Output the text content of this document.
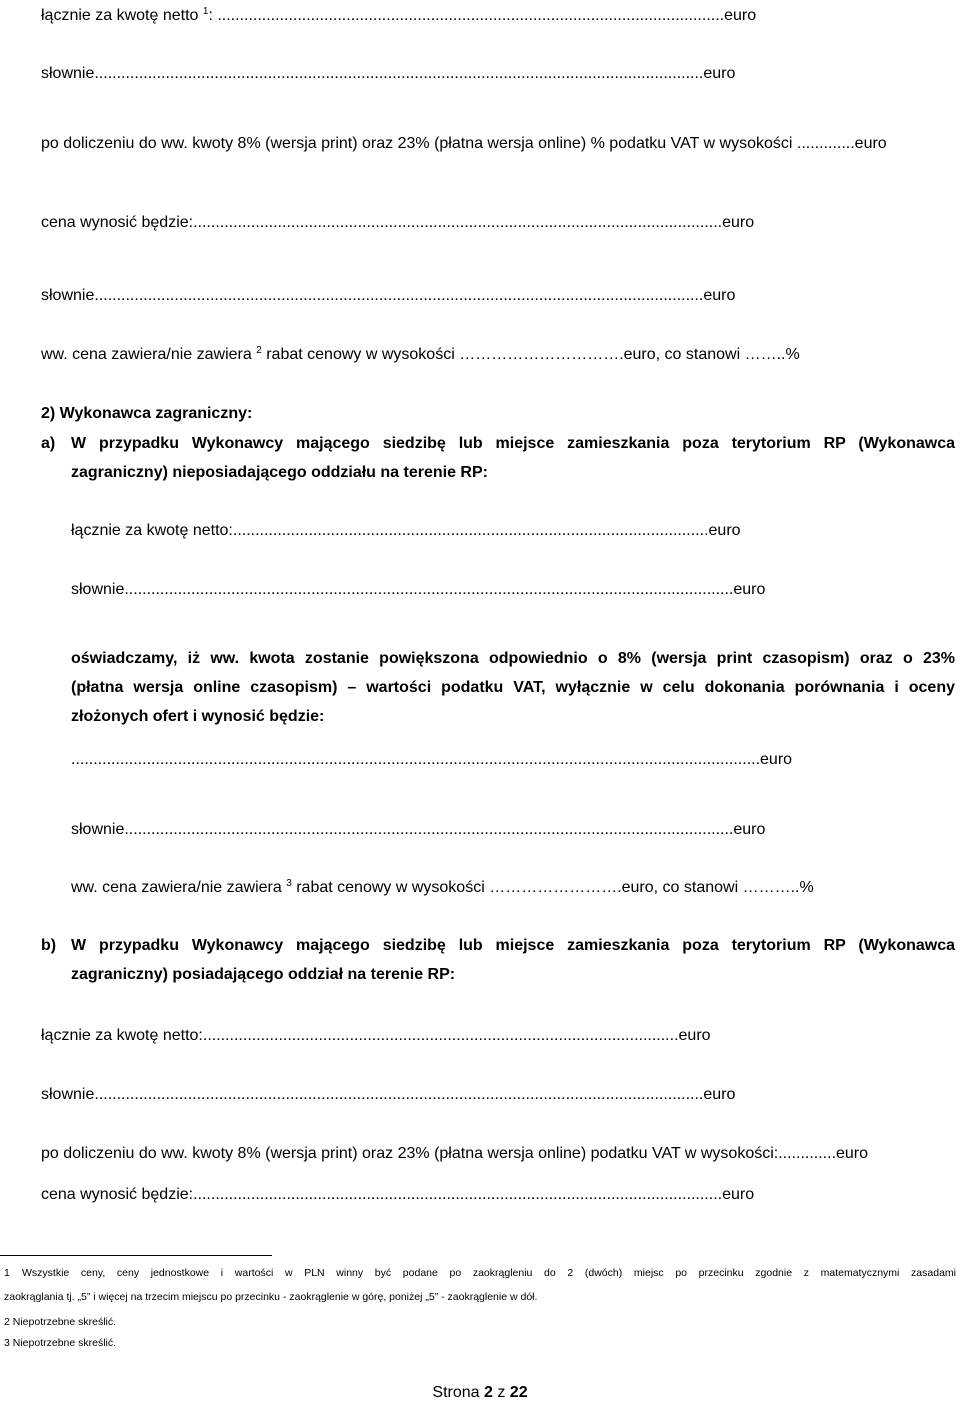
łącznie za kwotę netto $^1$: ..................................................................................................................euro
słownie.........................................................................................................................................euro
po doliczeniu do ww. kwoty 8% (wersja print) oraz 23% (płatna wersja online) % podatku VAT w wysokości .............euro
cena wynosić będzie:.......................................................................................................................euro
słownie.........................................................................................................................................euro
ww. cena zawiera/nie zawiera $^2$ rabat cenowy w wysokości ………………………….euro, co stanowi ……..%
2) Wykonawca zagraniczny:
a) W przypadku Wykonawcy mającego siedzibę lub miejsce zamieszkania poza terytorium RP (Wykonawca
zagraniczny) nieposiadającego oddziału na terenie RP:
łącznie za kwotę netto:...........................................................................................................euro
słownie.........................................................................................................................................euro
oświadczamy, iż ww. kwota zostanie powiększona odpowiednio o 8% (wersja print czasopism) oraz o 23%
(płatna wersja online czasopism) – wartości podatku VAT, wyłącznie w celu dokonania porównania i oceny
złożonych ofert i wynosić będzie:
...........................................................................................................................................................euro
słownie.........................................................................................................................................euro
ww. cena zawiera/nie zawiera $^3$ rabat cenowy w wysokości …………………….euro, co stanowi ………..%
b) W przypadku Wykonawcy mającego siedzibę lub miejsce zamieszkania poza terytorium RP (Wykonawca
zagraniczny) posiadającego oddział na terenie RP:
łącznie za kwotę netto:...........................................................................................................euro
słownie.........................................................................................................................................euro
po doliczeniu do ww. kwoty 8% (wersja print) oraz 23% (płatna wersja online) podatku VAT w wysokości:.............euro
cena wynosić będzie:.......................................................................................................................euro
1 Wszystkie ceny, ceny jednostkowe i wartości w PLN winny być podane po zaokrągleniu do 2 (dwóch) miejsc po przecinku zgodnie z matematycznymi zasadami
zaokrąglania tj. „5” i więcej na trzecim miejscu po przecinku - zaokrąglenie w górę, poniżej „5” - zaokrąglenie w dół.
2 Niepotrzebne skreślić.
3 Niepotrzebne skreślić.
Strona 2 z 22
